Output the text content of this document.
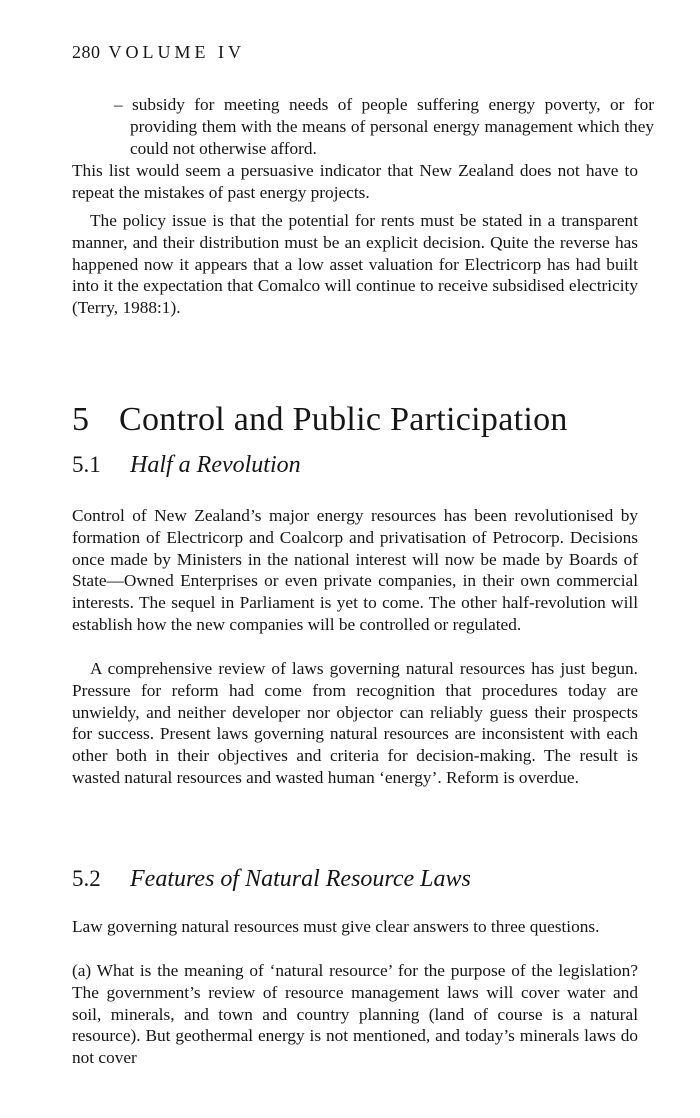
280 VOLUME IV

– subsidy for meeting needs of people suffering energy poverty, or for providing them with the means of personal energy management which they could not otherwise afford.

This list would seem a persuasive indicator that New Zealand does not have to repeat the mistakes of past energy projects.

The policy issue is that the potential for rents must be stated in a transparent manner, and their distribution must be an explicit decision. Quite the reverse has happened now it appears that a low asset valuation for Electricorp has had built into it the expectation that Comalco will continue to receive subsidised electricity (Terry, 1988:1).

5 Control and Public Participation
5.1 Half a Revolution

Control of New Zealand’s major energy resources has been revolutionised by formation of Electricorp and Coalcorp and privatisation of Petrocorp. Decisions once made by Ministers in the national interest will now be made by Boards of State—Owned Enterprises or even private companies, in their own commercial interests. The sequel in Parliament is yet to come. The other half-revolution will establish how the new companies will be controlled or regulated.

A comprehensive review of laws governing natural resources has just begun. Pressure for reform had come from recognition that procedures today are unwieldy, and neither developer nor objector can reliably guess their prospects for success. Present laws governing natural resources are inconsistent with each other both in their objectives and criteria for decision-making. The result is wasted natural resources and wasted human ‘energy’. Reform is overdue.

5.2 Features of Natural Resource Laws

Law governing natural resources must give clear answers to three questions.

(a) What is the meaning of ‘natural resource’ for the purpose of the legislation? The government’s review of resource management laws will cover water and soil, minerals, and town and country planning (land of course is a natural resource). But geothermal energy is not mentioned, and today’s minerals laws do not cover
